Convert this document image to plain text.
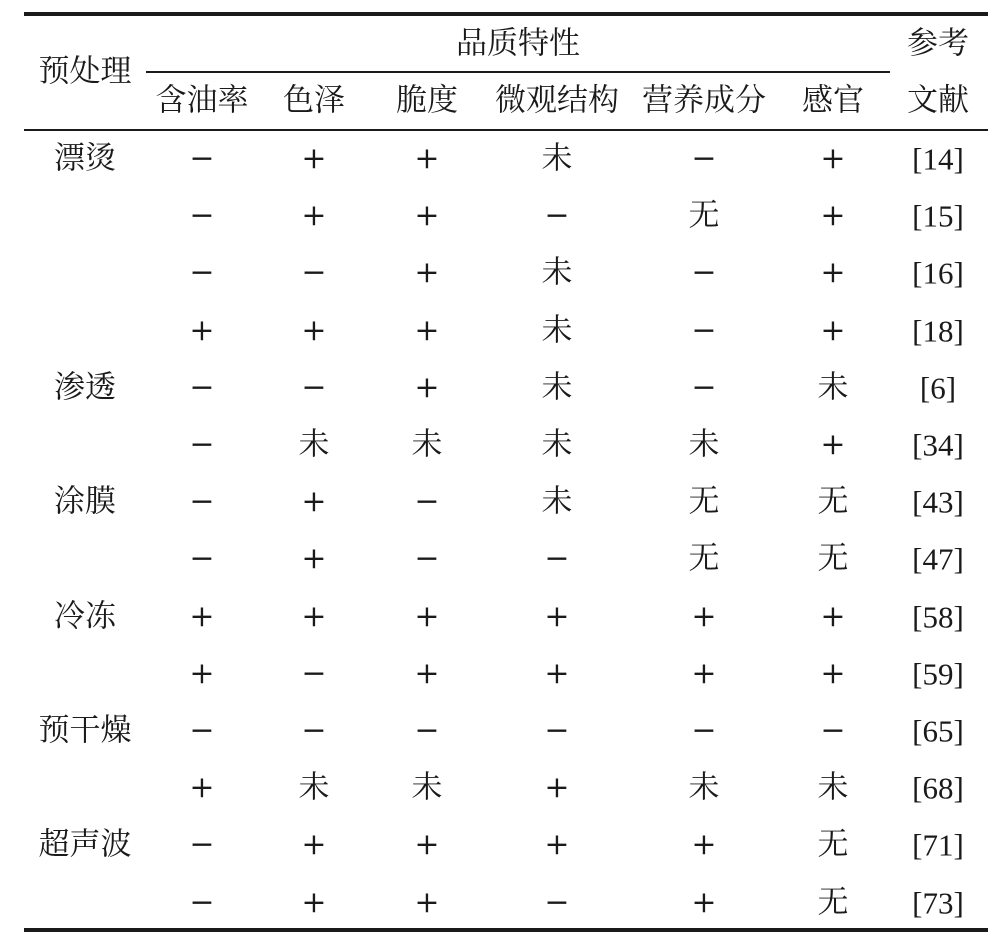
预处理
品质特性	参考
文献
含油率 色泽 脆度 微观结构 营养成分 感官
漂烫 −	+	+	未	−	+ [14]
−	+	+	−	无	+ [15]
−	−	+	未	−	+ [16]
+	+	+	未	−	+ [18]
渗透 −	−	+	未	−	未 [6]
−	未	未	未	未	+ [34]
涂膜 −	+	−	未	无	无 [43]
−	+	−	−	无	无 [47]
冷冻 +	+	+	+	+	+ [58]
+	−	+	+	+	+ [59]
预干燥 −	−	−	−	−	− [65]
+	未	未	+	未	未 [68]
超声波 −	+	+	+	+	无 [71]
−	+	+	−	+	无 [73]
